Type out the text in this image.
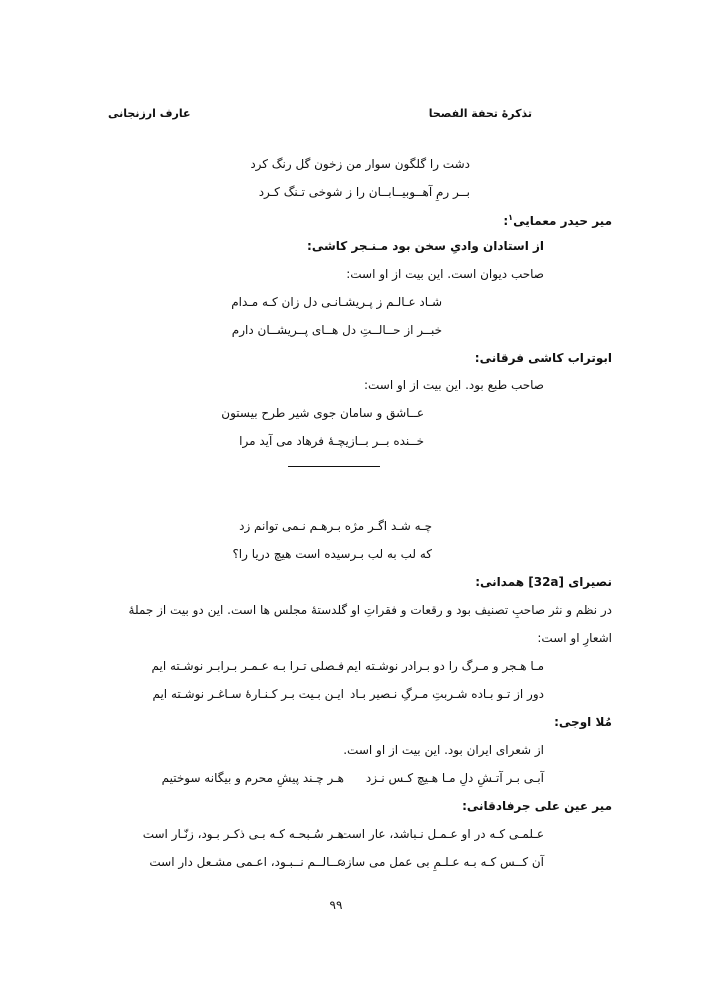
تذکرۀ تحفة الفصحا
عارف ارزنجانی
دشت را گلگون سوار من زخون گل رنگ کرد
بــر رمِ آهــوبیــابــان را ز شوخی تـنگ کـرد
میر حیدر معمایی$^۱$:
از استادان وادیِ سخن بود مـنـجر کاشی:
صاحب دیوان است. این بیت از او است:
شـاد عـالـم ز پـریشـانـی دل زان کـه مـدام
خبــر از حــالــتِ دل هــای پــریشــان دارم
ابوتراب کاشی فرقانی:
صاحب طبع بود. این بیت از او است:
عــاشق و سامان جوی شیر طرح بیستون
خــنده بــر بــازیچـۀ فرهاد می آید مرا
چـه شـد اگـر مژه بـرهـم نـمی توانم زد
که لب به لب بـرسیده است هیچ دریا را؟
نصیرای [32a] همدانی:
در نظم و نثر صاحبِ تصنیف بود و رقعات و فقراتِ او گلدستۀ مجلس ها است. این دو بیت از جملۀ
اشعارِ او است:
مـا هـجر و مـرگ را دو بـرادر نوشـته ایم
فـصلی تـرا بـه عـمـر بـرابـر نوشـته ایم
دور از تـو بـاده شـربتِ مـرگِ نـصیر بـاد
ایـن بـیت بـر کـنـارۀ سـاغـر نوشـته ایم
مُلا اوجی:
از شعرای ایران بود. این بیت از او است.
آبـی بـر آتـشِ دلِ مـا هـیچ کـس نـزد
هـر چـند پیشِ محرم و بیگانه سوختیم
میر عین علی جرفادقانی:
عـلمـی کـه در او عـمـل نـباشد، عار است
هـر سُـبحـه کـه بـی ذکـر بـود، زنّـار است
آن کــس کـه بـه عـلـمِ بی عمل می سازد
عــالــم نــبـود، اعـمی مشـعل دار است
۹۹
